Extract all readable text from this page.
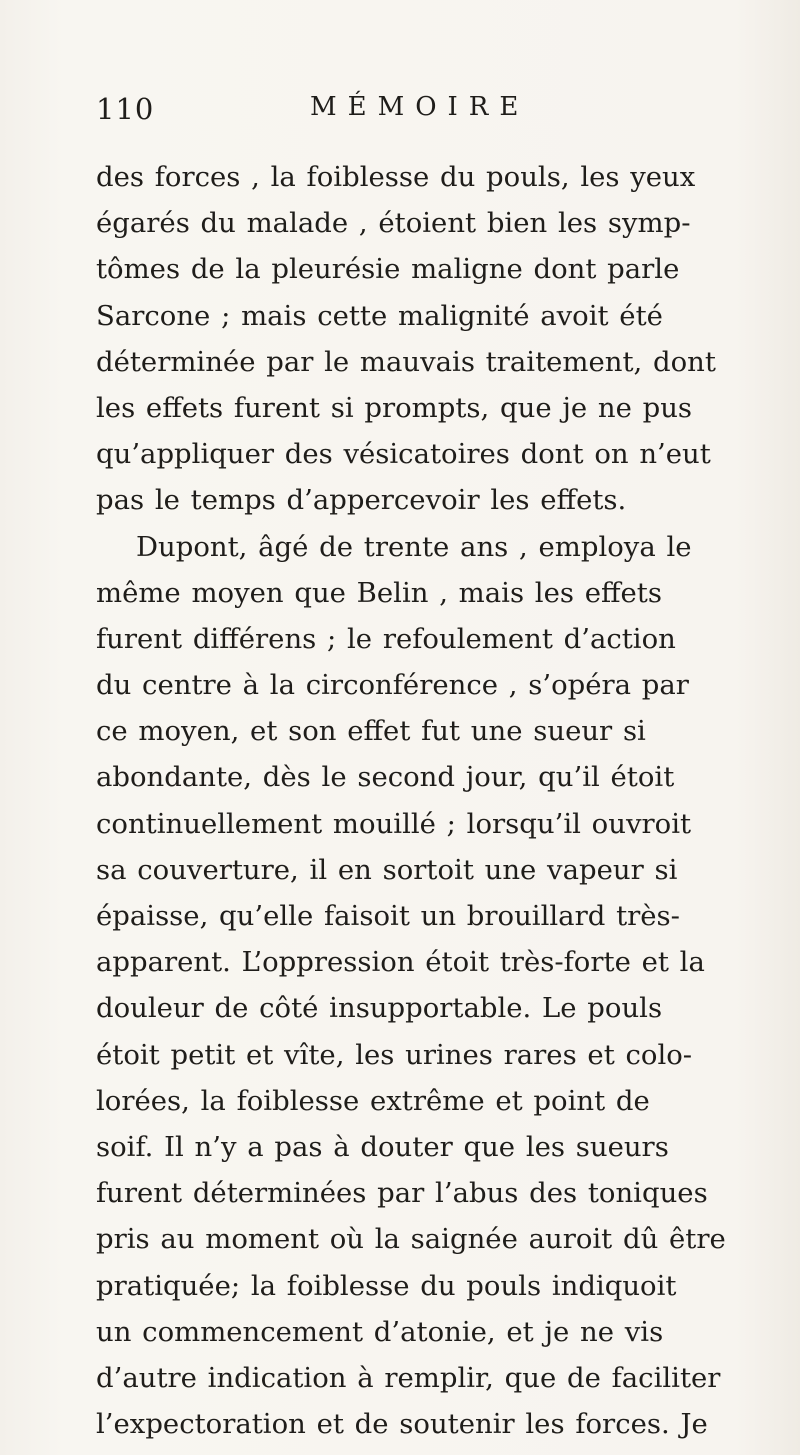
110	MÉMOIRE
des forces , la foiblesse du pouls, les yeux
égarés du malade , étoient bien les symp-
tômes de la pleurésie maligne dont parle
Sarcone ; mais cette malignité avoit été
déterminée par le mauvais traitement, dont
les effets furent si prompts, que je ne pus
qu’appliquer des vésicatoires dont on n’eut
pas le temps d’appercevoir les effets.
Dupont, âgé de trente ans , employa le
même moyen que Belin , mais les effets
furent différens ; le refoulement d’action
du centre à la circonférence , s’opéra par
ce moyen, et son effet fut une sueur si
abondante, dès le second jour, qu’il étoit
continuellement mouillé ; lorsqu’il ouvroit
sa couverture, il en sortoit une vapeur si
épaisse, qu’elle faisoit un brouillard très-
apparent. L’oppression étoit très-forte et la
douleur de côté insupportable. Le pouls
étoit petit et vîte, les urines rares et colo-
lorées, la foiblesse extrême et point de
soif. Il n’y a pas à douter que les sueurs
furent déterminées par l’abus des toniques
pris au moment où la saignée auroit dû être
pratiquée; la foiblesse du pouls indiquoit
un commencement d’atonie, et je ne vis
d’autre indication à remplir, que de faciliter
l’expectoration et de soutenir les forces. Je
